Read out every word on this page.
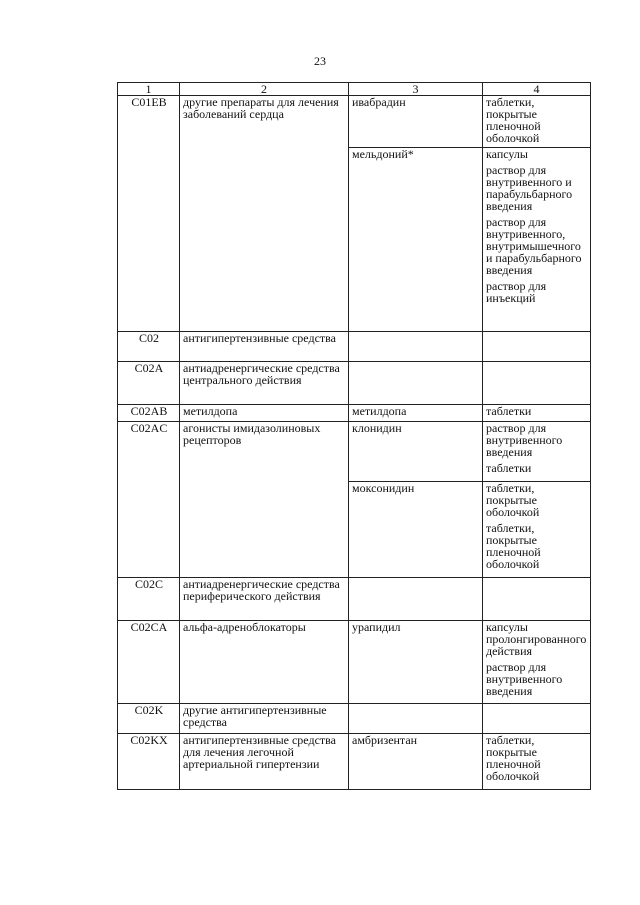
23
1	2	3	4
C01EB	другие препараты для лечения заболеваний сердца	ивабрадин	таблетки, покрытые пленочной оболочкой

		мельдоний*	капсулы
раствор для внутривенного и парабульбарного введения
раствор для внутривенного, внутримышечного и парабульбарного введения
раствор для инъекций

C02	антигипертензивные средства		
C02A	антиадренергические средства центрального действия		
C02AB	метилдопа	метилдопа	таблетки

C02AC	агонисты имидазолиновых рецепторов	клонидин	раствор для внутривенного введения
таблетки

		моксонидин	таблетки, покрытые оболочкой
таблетки, покрытые пленочной оболочкой

C02C	антиадренергические средства периферического действия		
C02CA	альфа-адреноблокаторы	урапидил	капсулы пролонгированного действия
раствор для внутривенного введения

C02K	другие антигипертензивные средства		
C02KX	антигипертензивные средства для лечения легочной артериальной гипертензии	амбризентан	таблетки, покрытые пленочной оболочкой
